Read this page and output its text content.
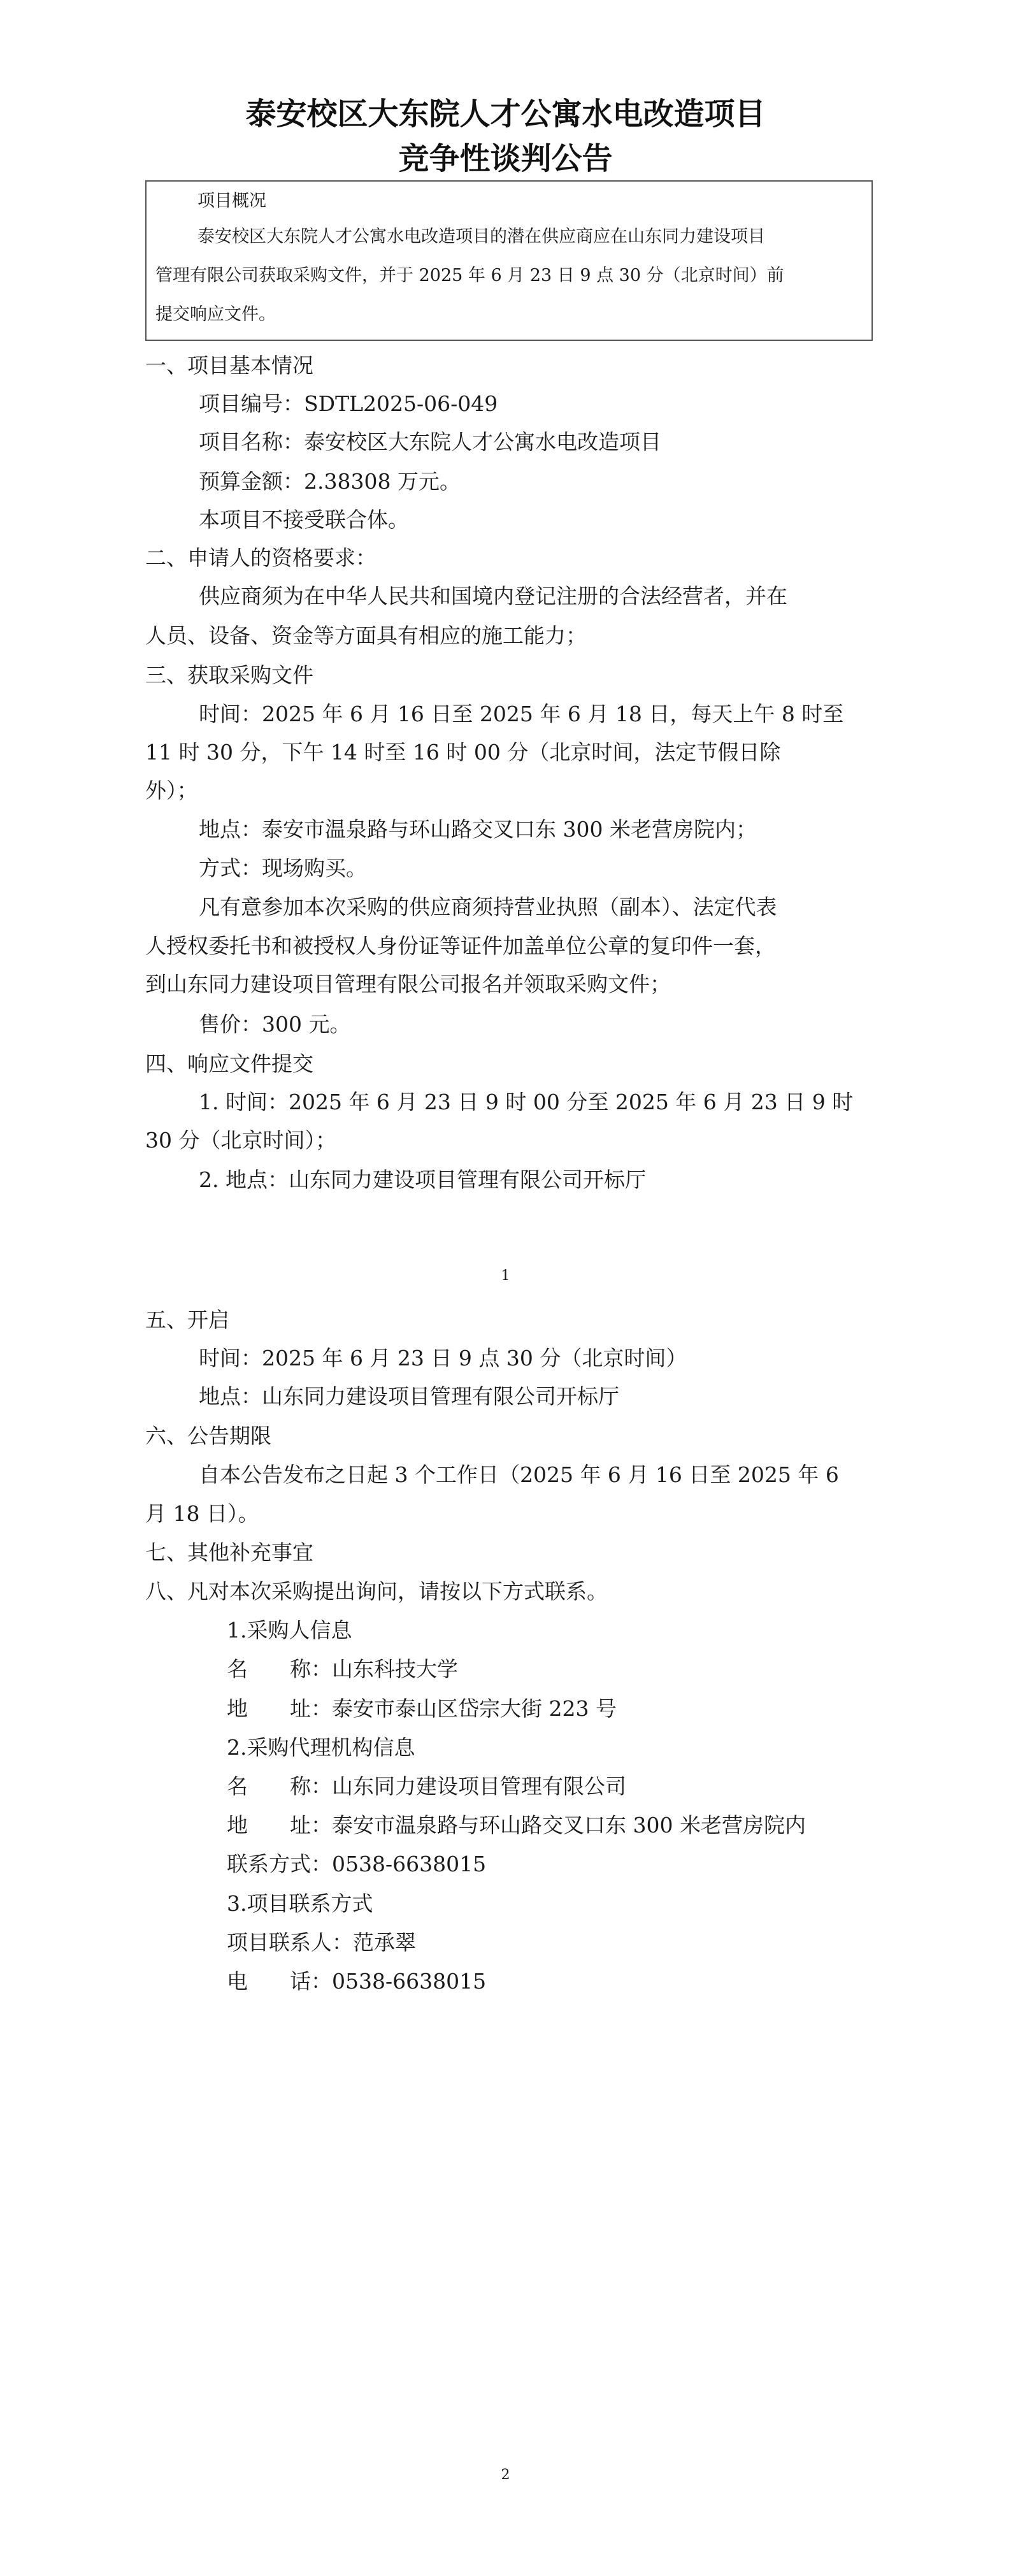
泰安校区大东院人才公寓水电改造项目
竞争性谈判公告
项目概况
泰安校区大东院人才公寓水电改造项目的潜在供应商应在山东同力建设项目
管理有限公司获取采购文件，并于 2025 年 6 月 23 日 9 点 30 分（北京时间）前
提交响应文件。
一、项目基本情况
项目编号：SDTL2025-06-049
项目名称：泰安校区大东院人才公寓水电改造项目
预算金额：2.38308 万元。
本项目不接受联合体。
二、申请人的资格要求：
供应商须为在中华人民共和国境内登记注册的合法经营者，并在
人员、设备、资金等方面具有相应的施工能力；
三、获取采购文件
时间：2025 年 6 月 16 日至 2025 年 6 月 18 日，每天上午 8 时至
11 时 30 分，下午 14 时至 16 时 00 分（北京时间，法定节假日除
外）；
地点：泰安市温泉路与环山路交叉口东 300 米老营房院内；
方式：现场购买。
凡有意参加本次采购的供应商须持营业执照（副本）、法定代表
人授权委托书和被授权人身份证等证件加盖单位公章的复印件一套，
到山东同力建设项目管理有限公司报名并领取采购文件；
售价：300 元。
四、响应文件提交
1. 时间：2025 年 6 月 23 日 9 时 00 分至 2025 年 6 月 23 日 9 时
30 分（北京时间）；
2. 地点：山东同力建设项目管理有限公司开标厅
1
五、开启
时间：2025 年 6 月 23 日 9 点 30 分（北京时间）
地点：山东同力建设项目管理有限公司开标厅
六、公告期限
自本公告发布之日起 3 个工作日（2025 年 6 月 16 日至 2025 年 6
月 18 日）。
七、其他补充事宜
八、凡对本次采购提出询问，请按以下方式联系。
1.采购人信息
名　　称：山东科技大学
地　　址：泰安市泰山区岱宗大街 223 号
2.采购代理机构信息
名　　称：山东同力建设项目管理有限公司
地　　址：泰安市温泉路与环山路交叉口东 300 米老营房院内
联系方式：0538-6638015
3.项目联系方式
项目联系人：范承翠
电　　话：0538-6638015
2
